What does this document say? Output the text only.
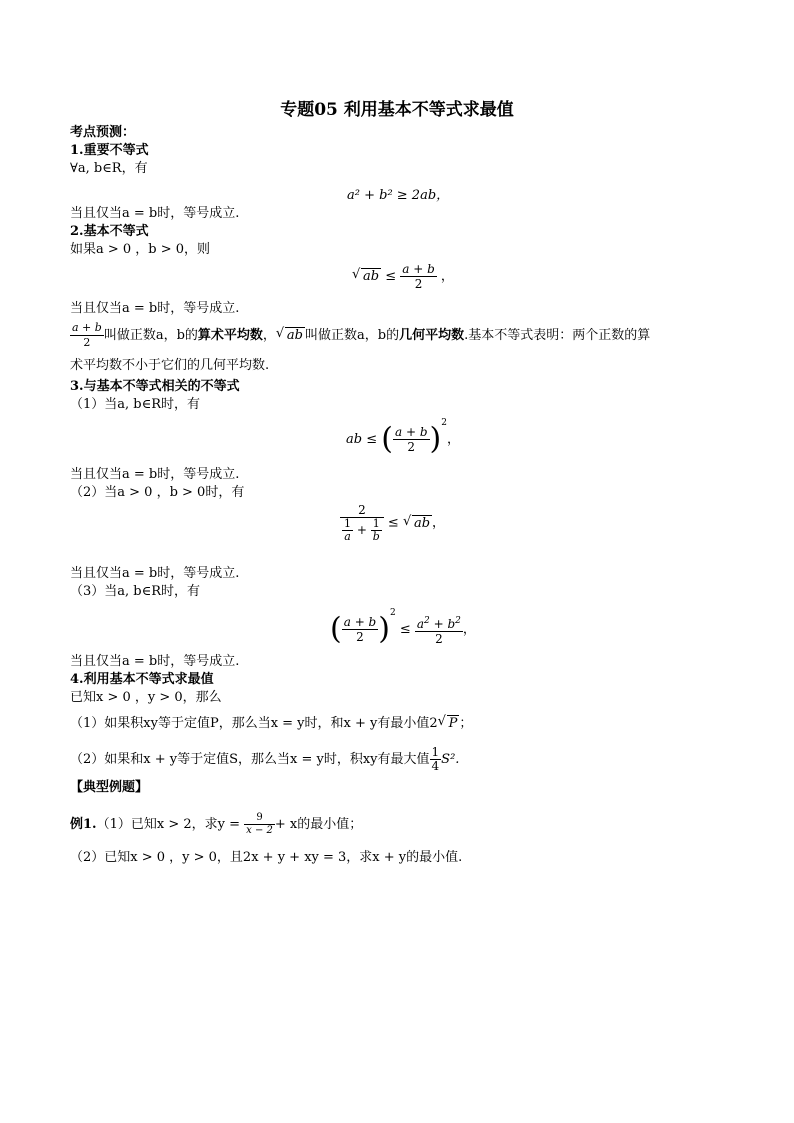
专题05 利用基本不等式求最值
考点预测：
1.重要不等式
∀a, b∈R，有
a² + b² ≥ 2ab，
当且仅当a = b时，等号成立.
2.基本不等式
如果a > 0 ，b > 0，则
√ ab ≤ $\frac{a + b}{2}$ ，
当且仅当a = b时，等号成立.
$\frac{a + b}{2}$ 叫做正数a，b的算术平均数， √ ab 叫做正数a，b的几何平均数.基本不等式表明：两个正数的算
术平均数不小于它们的几何平均数.
3.与基本不等式相关的不等式
（1）当a, b∈R时，有
ab ≤ ( $\frac{a + b}{2} )^2$，
当且仅当a = b时，等号成立.
（2）当a > 0 ，b > 0时，有
$\frac{2}{\frac{1}{a} + \frac{1}{b}}$ ≤ √ ab ，
当且仅当a = b时，等号成立.
（3）当a, b∈R时，有
( $\frac{a + b}{2} )^2 \le \frac{a^2 + b^2}{2}$ ，
当且仅当a = b时，等号成立.
4.利用基本不等式求最值
已知x > 0 ，y > 0，那么
（1）如果积xy等于定值P，那么当x = y时，和x + y有最小值2 √ P ；
（2）如果和x + y等于定值S，那么当x = y时，积xy有最大值 $\frac{1}{4} S^2$.
【典型例题】
例1.（1）已知x > 2，求$y = \frac{9}{x - 2} + x$的最小值；
（2）已知x > 0 ，y > 0，且2x + y + xy = 3，求x + y的最小值.
